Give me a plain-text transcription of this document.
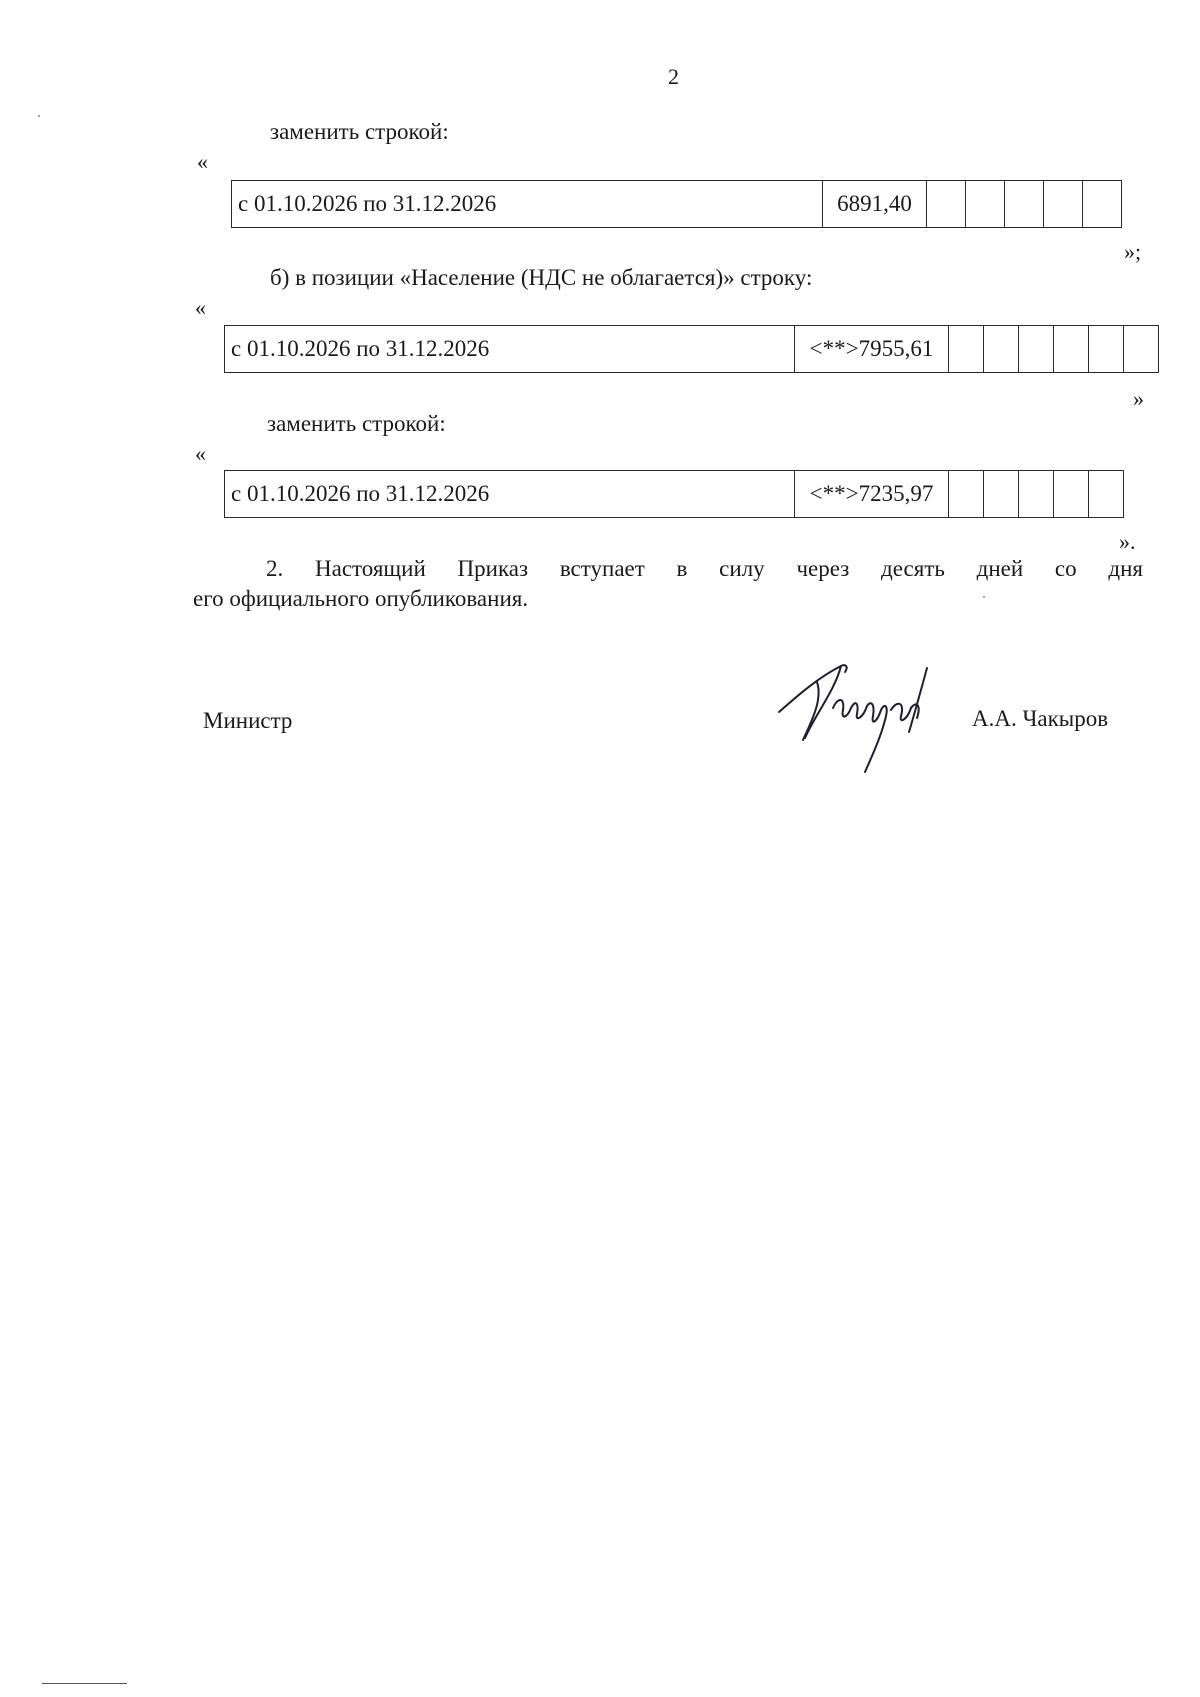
2
заменить строкой:
«
с 01.10.2026 по 31.12.2026	6891,40					
»;
б) в позиции «Население (НДС не облагается)» строку:
«
с 01.10.2026 по 31.12.2026	<**>7955,61						
»
заменить строкой:
«
с 01.10.2026 по 31.12.2026	<**>7235,97					
».
2. Настоящий Приказ вступает в силу через десять дней со дня
его официального опубликования.
Министр	А.А. Чакыров
